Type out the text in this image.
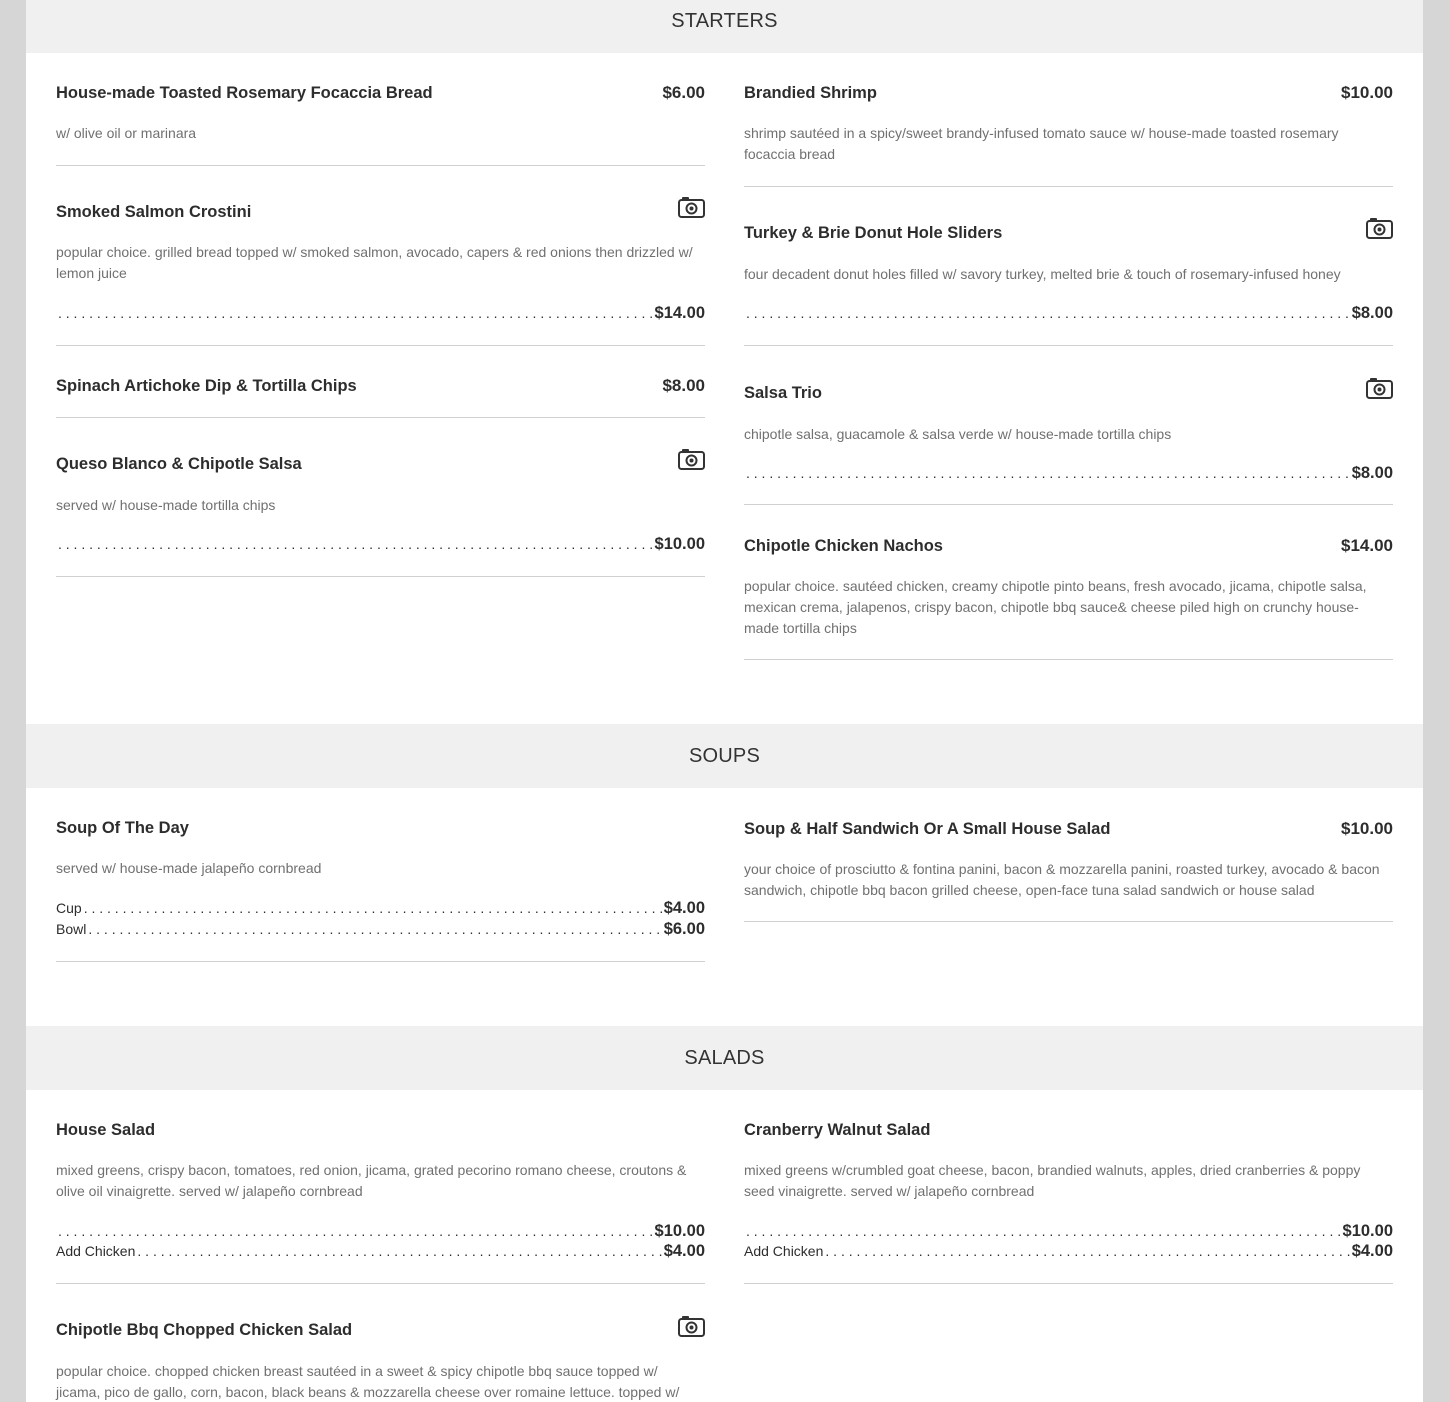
STARTERS
House-made Toasted Rosemary Focaccia Bread	$6.00
w/ olive oil or marinara
Smoked Salmon Crostini
popular choice. grilled bread topped w/ smoked salmon, avocado, capers & red onions then drizzled w/ lemon juice
. . .
$14.00
Spinach Artichoke Dip & Tortilla Chips	$8.00
Queso Blanco & Chipotle Salsa
served w/ house-made tortilla chips
. . .
$10.00
Brandied Shrimp	$10.00
shrimp sautéed in a spicy/sweet brandy-infused tomato sauce w/ house-made toasted rosemary focaccia bread
Turkey & Brie Donut Hole Sliders
four decadent donut holes filled w/ savory turkey, melted brie & touch of rosemary-infused honey
. . .
$8.00
Salsa Trio
chipotle salsa, guacamole & salsa verde w/ house-made tortilla chips
. . .
$8.00
Chipotle Chicken Nachos	$14.00
popular choice. sautéed chicken, creamy chipotle pinto beans, fresh avocado, jicama, chipotle salsa, mexican crema, jalapenos, crispy bacon, chipotle bbq sauce& cheese piled high on crunchy house-made tortilla chips
SOUPS
Soup Of The Day
served w/ house-made jalapeño cornbread
Cup . . .	$4.00
Bowl . . .	$6.00
Soup & Half Sandwich Or A Small House Salad	$10.00
your choice of prosciutto & fontina panini, bacon & mozzarella panini, roasted turkey, avocado & bacon sandwich, chipotle bbq bacon grilled cheese, open-face tuna salad sandwich or house salad
SALADS
House Salad
mixed greens, crispy bacon, tomatoes, red onion, jicama, grated pecorino romano cheese, croutons & olive oil vinaigrette. served w/ jalapeño cornbread
. . .
$10.00
Add Chicken . . .	$4.00
Chipotle Bbq Chopped Chicken Salad
popular choice. chopped chicken breast sautéed in a sweet & spicy chipotle bbq sauce topped w/ jicama, pico de gallo, corn, bacon, black beans & mozzarella cheese over romaine lettuce. topped w/
Cranberry Walnut Salad
mixed greens w/crumbled goat cheese, bacon, brandied walnuts, apples, dried cranberries & poppy seed vinaigrette. served w/ jalapeño cornbread
. . .
$10.00
Add Chicken . . .	$4.00
